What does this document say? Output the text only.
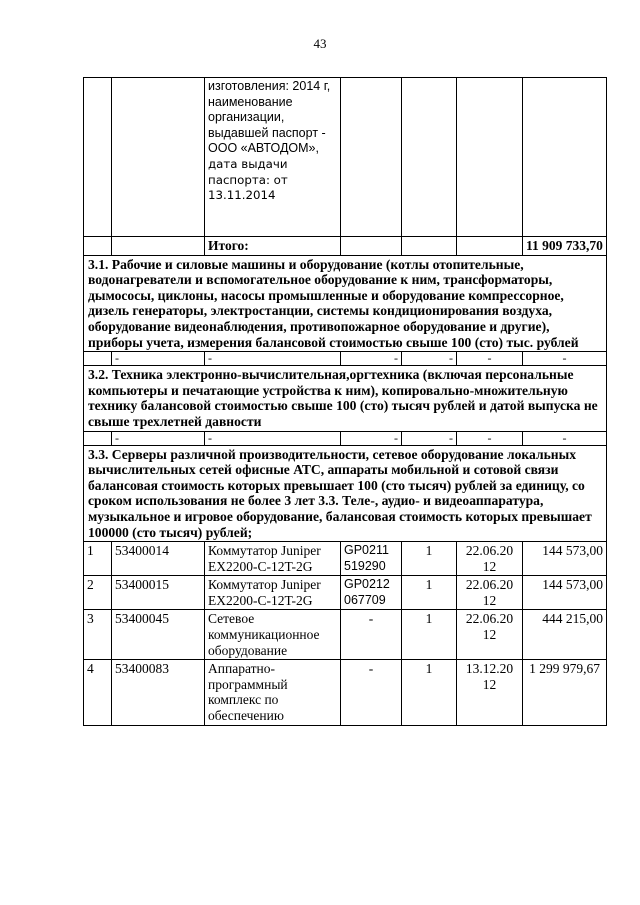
43

		изготовления: 2014 г, наименование организации, выдавшей паспорт - ООО «АВТОДОМ»,
дата выдачи паспорта: от 13.11.2014				

		Итого:				11 909 733,70
3.1. Рабочие и силовые машины и оборудование (котлы отопительные, водонагреватели и вспомогательное оборудование к ним, трансформаторы, дымососы, циклоны, насосы промышленные и оборудование компрессорное, дизель генераторы, электростанции, системы кондиционирования воздуха, оборудование видеонаблюдения, противопожарное оборудование и другие), приборы учета, измерения балансовой стоимостью свыше 100 (сто) тыс. рублей						
	-	-	-	-	-	-
3.2. Техника электронно-вычислительная,оргтехника (включая персональные компьютеры и печатающие устройства к ним), копировально-множительную технику балансовой стоимостью свыше 100 (сто) тысяч рублей и датой выпуска не свыше трехлетней давности						
	-	-	-	-	-	-
3.3. Серверы различной производительности, сетевое оборудование локальных вычислительных сетей офисные АТС, аппараты мобильной и сотовой связи балансовая стоимость которых превышает 100 (сто тысяч) рублей за единицу, со сроком использования не более 3 лет 3.3. Теле-, аудио- и видеоаппаратура, музыкальное и игровое оборудование, балансовая стоимость которых превышает 100000 (сто тысяч) рублей;						
1	53400014	Коммутатор Juniper EX2200-C-12T-2G	GP0211 519290	1	22.06.20 12	144 573,00
2	53400015	Коммутатор Juniper EX2200-C-12T-2G	GP0212 067709	1	22.06.20 12	144 573,00
3	53400045	Сетевое коммуникационное оборудование	-	1	22.06.20 12	444 215,00
4	53400083	Аппаратно-программный комплекс по обеспечению	-	1	13.12.20 12	1 299 979,67
